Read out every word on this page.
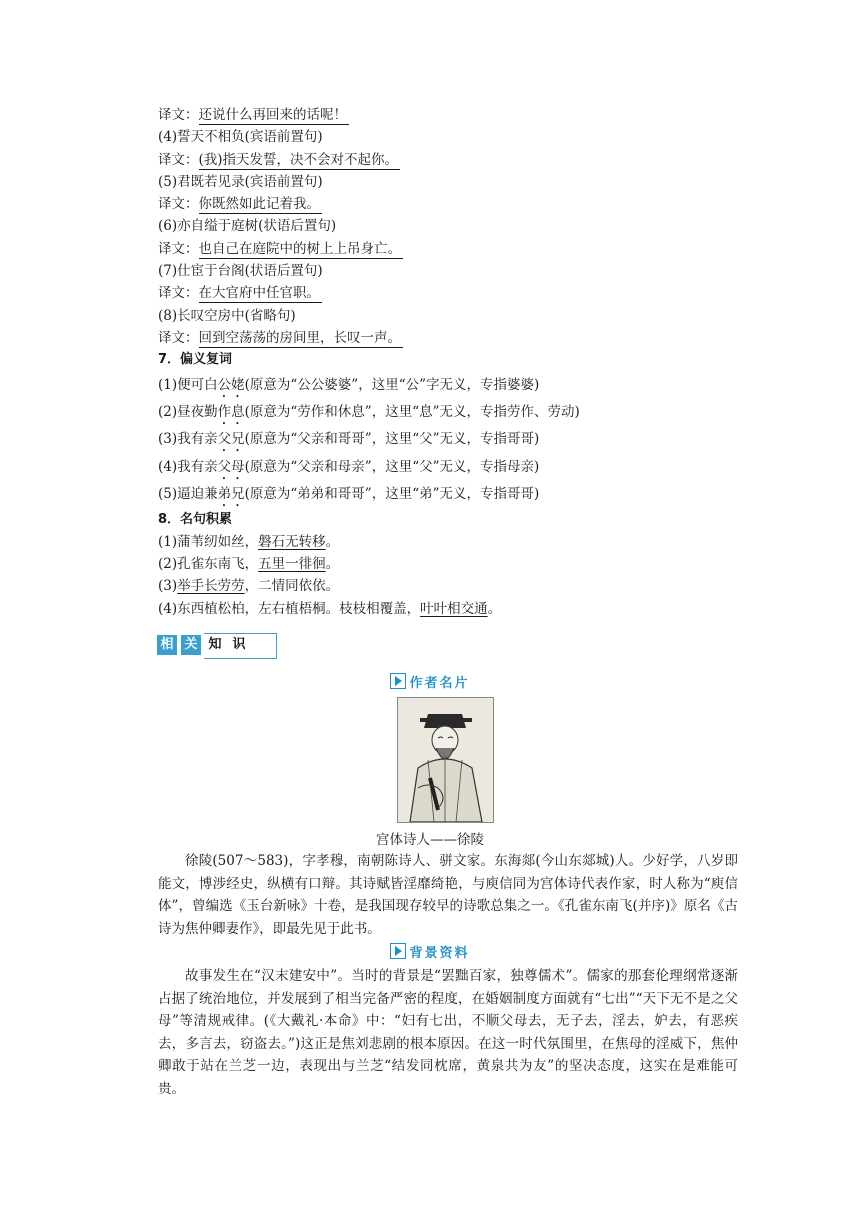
译文：还说什么再回来的话呢！
(4)誓天不相负(宾语前置句)
译文：(我)指天发誓，决不会对不起你。
(5)君既若见录(宾语前置句)
译文：你既然如此记着我。
(6)亦自缢于庭树(状语后置句)
译文：也自己在庭院中的树上上吊身亡。
(7)仕宦于台阁(状语后置句)
译文：在大官府中任官职。
(8)长叹空房中(省略句)
译文：回到空荡荡的房间里，长叹一声。
7．偏义复词
(1)便可白公姥(原意为“公公婆婆”，这里“公”字无义，专指婆婆)
(2)昼夜勤作息(原意为“劳作和休息”，这里“息”无义，专指劳作、劳动)
(3)我有亲父兄(原意为“父亲和哥哥”，这里“父”无义，专指哥哥)
(4)我有亲父母(原意为“父亲和母亲”，这里“父”无义，专指母亲)
(5)逼迫兼弟兄(原意为“弟弟和哥哥”，这里“弟”无义，专指哥哥)
8．名句积累
(1)蒲苇纫如丝，磐石无转移。
(2)孔雀东南飞，五里一徘徊。
(3)举手长劳劳，二情同依依。
(4)东西植松柏，左右植梧桐。枝枝相覆盖，叶叶相交通。
相 关 知 识
作者名片
宫体诗人——徐陵
徐陵(507～583)，字孝穆，南朝陈诗人、骈文家。东海郯(今山东郯城)人。少好学，八岁即能文，博涉经史，纵横有口辩。其诗赋皆淫靡绮艳，与庾信同为宫体诗代表作家，时人称为“庾信体”，曾编选《玉台新咏》十卷，是我国现存较早的诗歌总集之一。《孔雀东南飞(并序)》原名《古诗为焦仲卿妻作》，即最先见于此书。
背景资料
故事发生在“汉末建安中”。当时的背景是“罢黜百家，独尊儒术”。儒家的那套伦理纲常逐渐占据了统治地位，并发展到了相当完备严密的程度，在婚姻制度方面就有“七出”“天下无不是之父母”等清规戒律。(《大戴礼·本命》中：“妇有七出，不顺父母去，无子去，淫去，妒去，有恶疾去，多言去，窃盗去。”)这正是焦刘悲剧的根本原因。在这一时代氛围里，在焦母的淫威下，焦仲卿敢于站在兰芝一边，表现出与兰芝“结发同枕席，黄泉共为友”的坚决态度，这实在是难能可贵。
